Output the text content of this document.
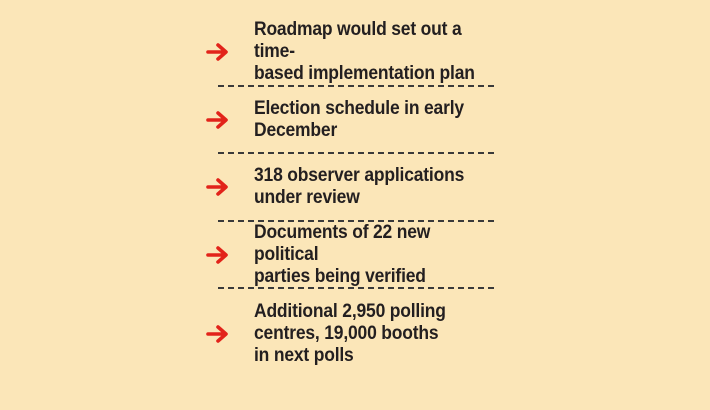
Roadmap would set out a time-
based implementation plan
Election schedule in early
December
318 observer applications
under review
Documents of 22 new political
parties being verified
Additional 2,950 polling
centres, 19,000 booths
in next polls
